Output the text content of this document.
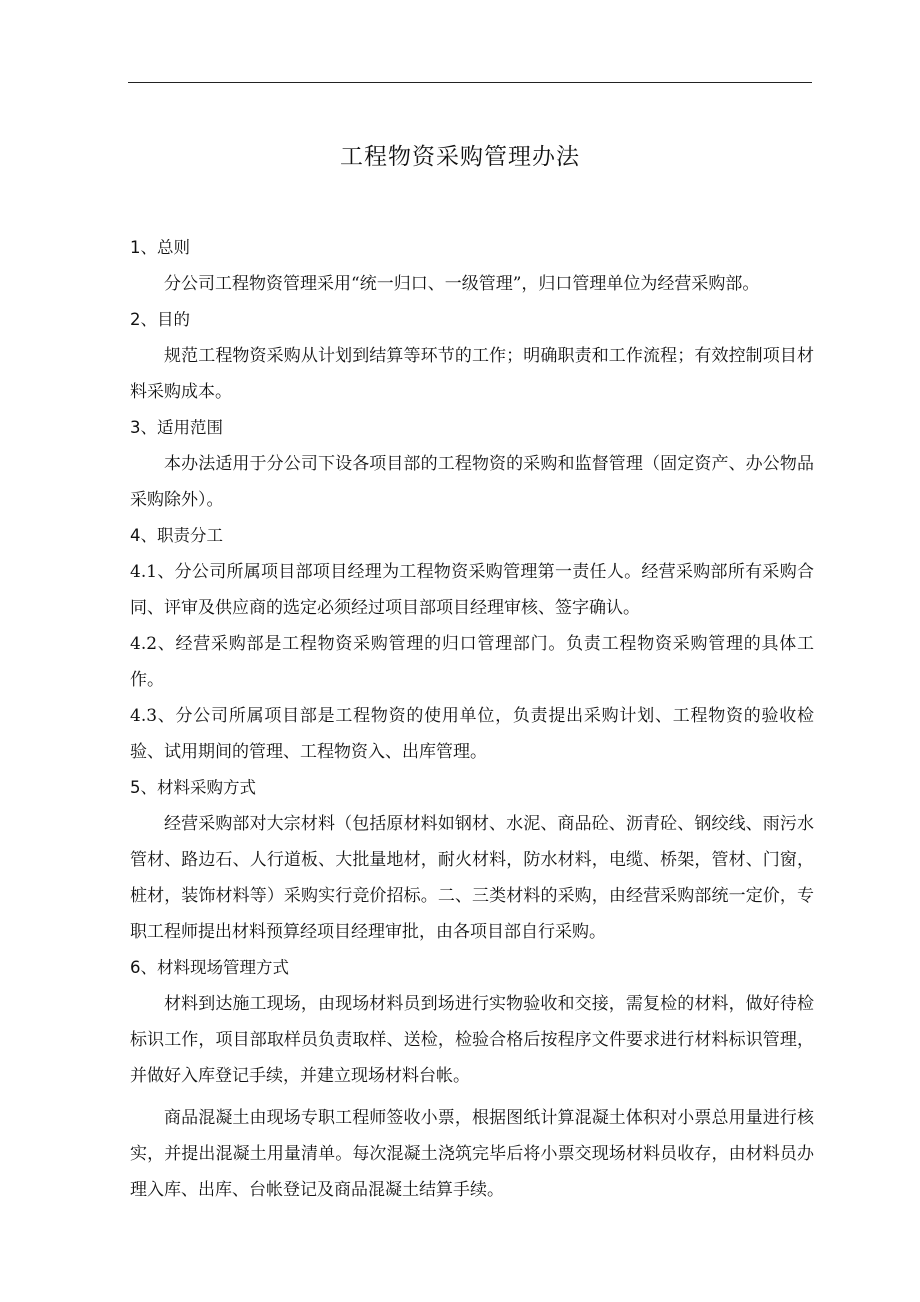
工程物资采购管理办法
1、总则

分公司工程物资管理采用“统一归口、一级管理”，归口管理单位为经营采购部。

2、目的

规范工程物资采购从计划到结算等环节的工作；明确职责和工作流程；有效控制项目材料采购成本。

3、适用范围

本办法适用于分公司下设各项目部的工程物资的采购和监督管理（固定资产、办公物品采购除外）。

4、职责分工

4.1、分公司所属项目部项目经理为工程物资采购管理第一责任人。经营采购部所有采购合同、评审及供应商的选定必须经过项目部项目经理审核、签字确认。

4.2、经营采购部是工程物资采购管理的归口管理部门。负责工程物资采购管理的具体工作。

4.3、分公司所属项目部是工程物资的使用单位，负责提出采购计划、工程物资的验收检验、试用期间的管理、工程物资入、出库管理。

5、材料采购方式

经营采购部对大宗材料（包括原材料如钢材、水泥、商品砼、沥青砼、钢绞线、雨污水管材、路边石、人行道板、大批量地材，耐火材料，防水材料，电缆、桥架，管材、门窗，桩材，装饰材料等）采购实行竞价招标。二、三类材料的采购，由经营采购部统一定价，专职工程师提出材料预算经项目经理审批，由各项目部自行采购。

6、材料现场管理方式

材料到达施工现场，由现场材料员到场进行实物验收和交接，需复检的材料，做好待检标识工作，项目部取样员负责取样、送检，检验合格后按程序文件要求进行材料标识管理，并做好入库登记手续，并建立现场材料台帐。

商品混凝土由现场专职工程师签收小票，根据图纸计算混凝土体积对小票总用量进行核实，并提出混凝土用量清单。每次混凝土浇筑完毕后将小票交现场材料员收存，由材料员办理入库、出库、台帐登记及商品混凝土结算手续。
